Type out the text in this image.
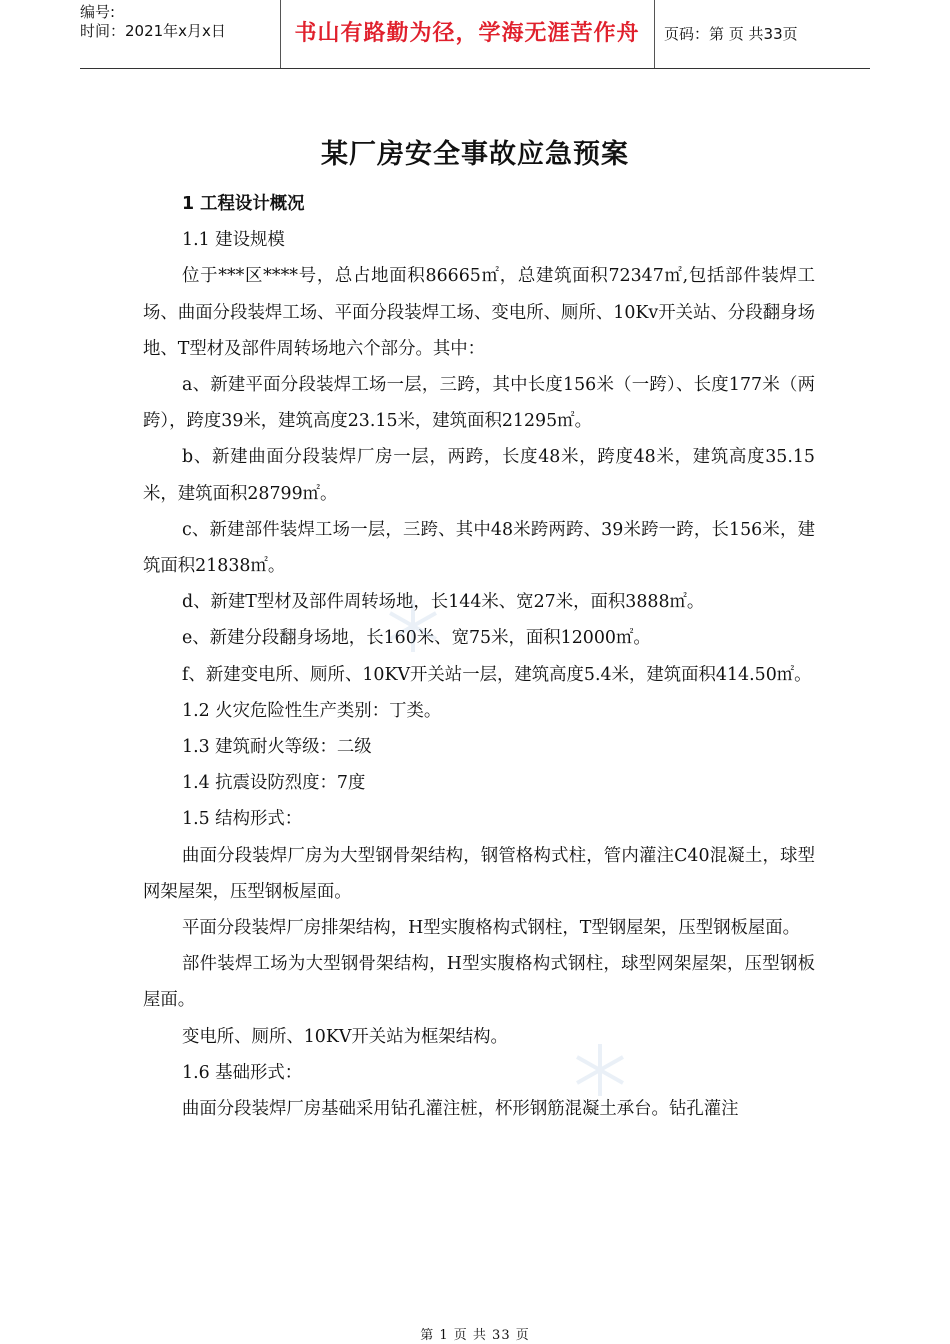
编号:
时间：2021年x月x日	书山有路勤为径，学海无涯苦作舟	页码：第 页 共33页
某厂房安全事故应急预案

1 工程设计概况

1.1 建设规模

位于***区****号，总占地面积86665㎡，总建筑面积72347㎡,包括部件装焊工场、曲面分段装焊工场、平面分段装焊工场、变电所、厕所、10Kv开关站、分段翻身场地、T型材及部件周转场地六个部分。其中：

a、新建平面分段装焊工场一层，三跨，其中长度156米（一跨）、长度177米（两跨），跨度39米，建筑高度23.15米，建筑面积21295㎡。

b、新建曲面分段装焊厂房一层，两跨，长度48米，跨度48米，建筑高度35.15米，建筑面积28799㎡。

c、新建部件装焊工场一层，三跨、其中48米跨两跨、39米跨一跨，长156米，建筑面积21838㎡。

d、新建T型材及部件周转场地，长144米、宽27米，面积3888㎡。

e、新建分段翻身场地，长160米、宽75米，面积12000㎡。

f、新建变电所、厕所、10KV开关站一层，建筑高度5.4米，建筑面积414.50㎡。

1.2 火灾危险性生产类别：丁类。

1.3 建筑耐火等级：二级

1.4 抗震设防烈度：7度

1.5 结构形式：

曲面分段装焊厂房为大型钢骨架结构，钢管格构式柱，管内灌注C40混凝土，球型网架屋架，压型钢板屋面。

平面分段装焊厂房排架结构，H型实腹格构式钢柱，T型钢屋架，压型钢板屋面。

部件装焊工场为大型钢骨架结构，H型实腹格构式钢柱，球型网架屋架，压型钢板屋面。

变电所、厕所、10KV开关站为框架结构。

1.6 基础形式：

曲面分段装焊厂房基础采用钻孔灌注桩，杯形钢筋混凝土承台。钻孔灌注

第 1 页 共 33 页
